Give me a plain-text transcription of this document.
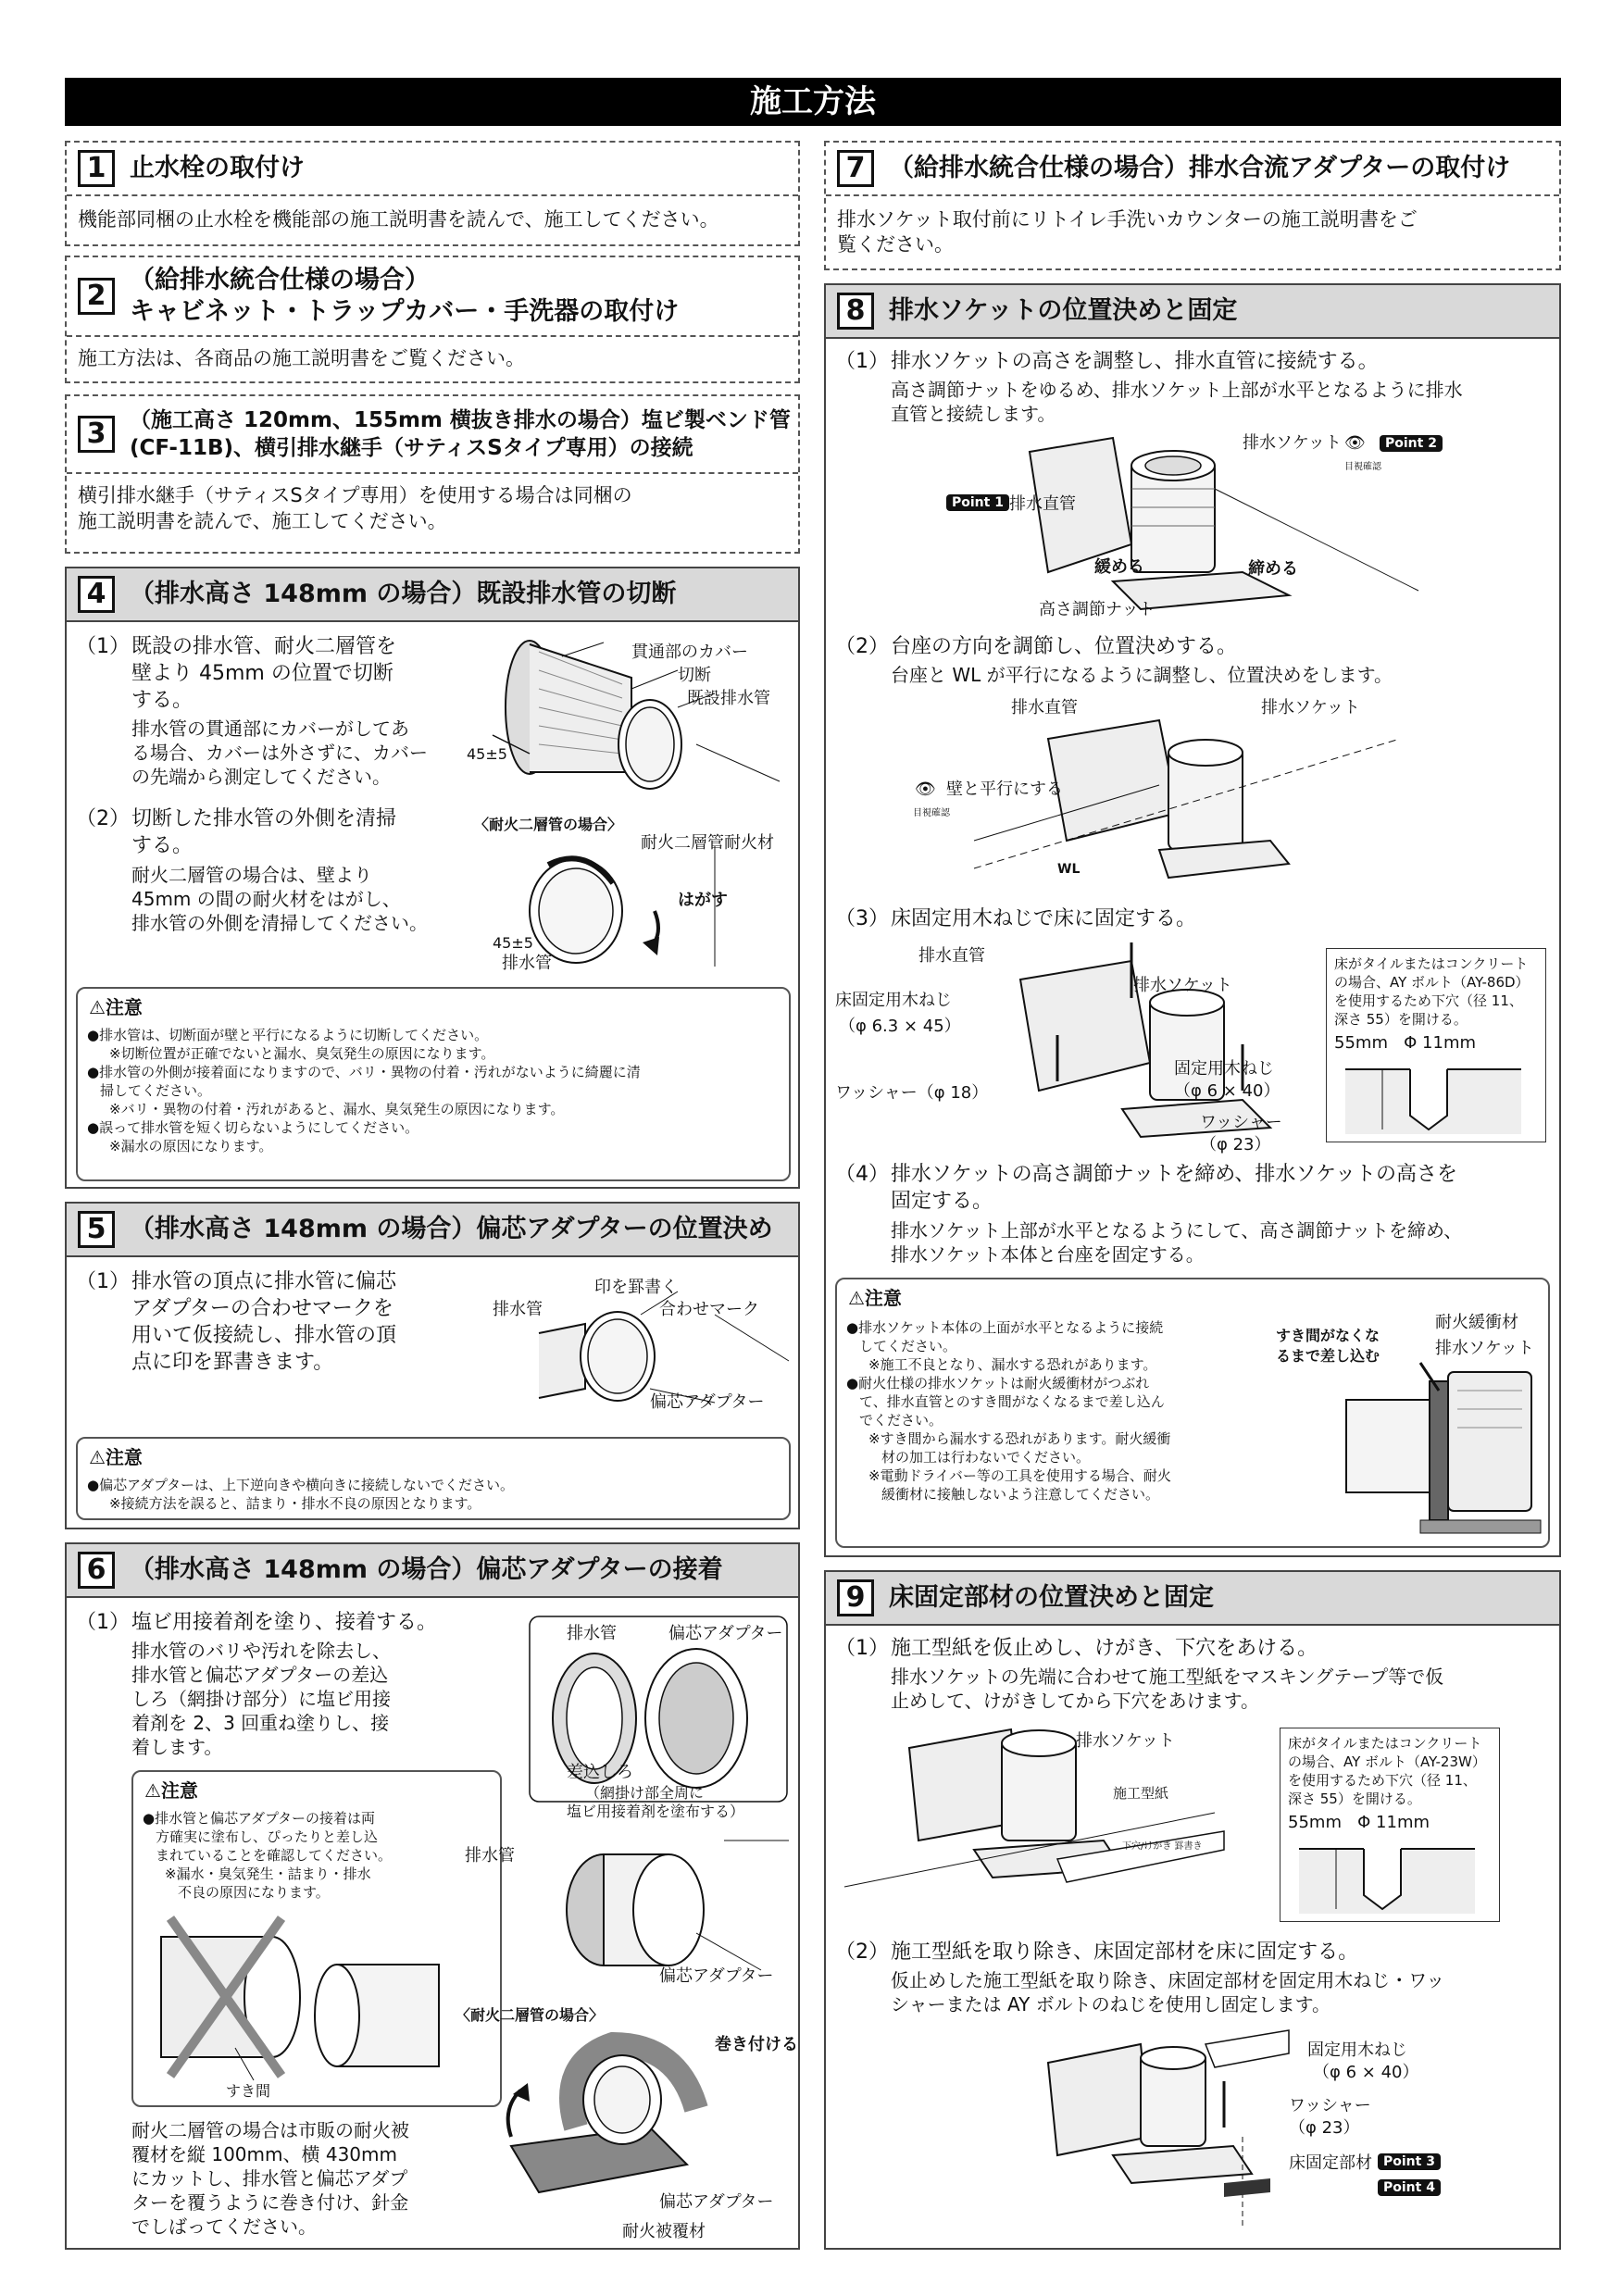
施工方法
1 止水栓の取付け
機能部同梱の止水栓を機能部の施工説明書を読んで、施工してください。
2 （給排水統合仕様の場合）
キャビネット・トラップカバー・手洗器の取付け
施工方法は、各商品の施工説明書をご覧ください。
3	（施工高さ 120mm、155mm 横抜き排水の場合）塩ビ製ベンド管
(CF-11B)、横引排水継手（サティスSタイプ専用）の接続
横引排水継手（サティスSタイプ専用）を使用する場合は同梱の
施工説明書を読んで、施工してください。
4 （排水高さ 148mm の場合）既設排水管の切断
（1） 既設の排水管、耐火二層管を
壁より 45mm の位置で切断
する。
排水管の貫通部にカバーがしてあ
る場合、カバーは外さずに、カバー
の先端から測定してください。
（2） 切断した排水管の外側を清掃
する。
耐火二層管の場合は、壁より
45mm の間の耐火材をはがし、
排水管の外側を清掃してください。
貫通部のカバー
切断
既設排水管
45±5
〈耐火二層管の場合〉
耐火二層管耐火材
はがす
45±5
排水管
⚠注意
●排水管は、切断面が壁と平行になるように切断してください。
※切断位置が正確でないと漏水、臭気発生の原因になります。
●排水管の外側が接着面になりますので、バリ・異物の付着・汚れがないように綺麗に清
掃してください。
※バリ・異物の付着・汚れがあると、漏水、臭気発生の原因になります。
●誤って排水管を短く切らないようにしてください。
※漏水の原因になります。
5 （排水高さ 148mm の場合）偏芯アダプターの位置決め
（1） 排水管の頂点に排水管に偏芯
アダプターの合わせマークを
用いて仮接続し、排水管の頂
点に印を罫書きます。
印を罫書く
排水管	合わせマーク
偏芯アダプター
⚠注意
●偏芯アダプターは、上下逆向きや横向きに接続しないでください。
※接続方法を誤ると、詰まり・排水不良の原因となります。
6 （排水高さ 148mm の場合）偏芯アダプターの接着
（1） 塩ビ用接着剤を塗り、接着する。
排水管のバリや汚れを除去し、
排水管と偏芯アダプターの差込
しろ（網掛け部分）に塩ビ用接
着剤を 2、3 回重ね塗りし、接
着します。
⚠注意
●排水管と偏芯アダプターの接着は両
方確実に塗布し、ぴったりと差し込
まれていることを確認してください。
※漏水・臭気発生・詰まり・排水
不良の原因になります。
すき間
耐火二層管の場合は市販の耐火被
覆材を縦 100mm、横 430mm
にカットし、排水管と偏芯アダプ
ターを覆うように巻き付け、針金
でしばってください。
排水管	偏芯アダプター
差込しろ
（網掛け部全周に
塩ビ用接着剤を塗布する）
排水管
偏芯アダプター
〈耐火二層管の場合〉
巻き付ける
偏芯アダプター
耐火被覆材
7 （給排水統合仕様の場合）排水合流アダプターの取付け
排水ソケット取付前にリトイレ手洗いカウンターの施工説明書をご
覧ください。
8 排水ソケットの位置決めと固定
（1） 排水ソケットの高さを調整し、排水直管に接続する。
高さ調節ナットをゆるめ、排水ソケット上部が水平となるように排水
直管と接続します。
排水ソケット 👁	Point 2
目視確認
Point 1 排水直管
緩める	締める
高さ調節ナット
（2） 台座の方向を調節し、位置決めする。
台座と WL が平行になるように調整し、位置決めをします。
排水直管	排水ソケット
👁 壁と平行にする
目視確認
WL
（3） 床固定用木ねじで床に固定する。
排水直管
排水ソケット
床固定用木ねじ
（φ 6.3 × 45）
ワッシャー（φ 18）
固定用木ねじ
（φ 6 × 40）
ワッシャー
（φ 23）
床がタイルまたはコンクリート
の場合、AY ボルト（AY-86D）
を使用するため下穴（径 11、
深さ 55）を開ける。
55mm Φ 11mm
（4） 排水ソケットの高さ調節ナットを締め、排水ソケットの高さを
固定する。
排水ソケット上部が水平となるようにして、高さ調節ナットを締め、
排水ソケット本体と台座を固定する。
⚠注意
●排水ソケット本体の上面が水平となるように接続
してください。
※施工不良となり、漏水する恐れがあります。
●耐火仕様の排水ソケットは耐火緩衝材がつぶれ
て、排水直管とのすき間がなくなるまで差し込ん
でください。
※すき間から漏水する恐れがあります。耐火緩衝
材の加工は行わないでください。
※電動ドライバー等の工具を使用する場合、耐火
緩衝材に接触しないよう注意してください。
すき間がなくな
るまで差し込む
耐火緩衝材
排水ソケット
9 床固定部材の位置決めと固定
（1） 施工型紙を仮止めし、けがき、下穴をあける。
排水ソケットの先端に合わせて施工型紙をマスキングテープ等で仮
止めして、けがきしてから下穴をあけます。
排水ソケット
施工型紙
下穴/けがき 罫書き
床がタイルまたはコンクリート
の場合、AY ボルト（AY-23W）
を使用するため下穴（径 11、
深さ 55）を開ける。
55mm Φ 11mm
（2） 施工型紙を取り除き、床固定部材を床に固定する。
仮止めした施工型紙を取り除き、床固定部材を固定用木ねじ・ワッ
シャーまたは AY ボルトのねじを使用し固定します。
固定用木ねじ
（φ 6 × 40）
ワッシャー
（φ 23）
床固定部材 Point 3
Point 4
